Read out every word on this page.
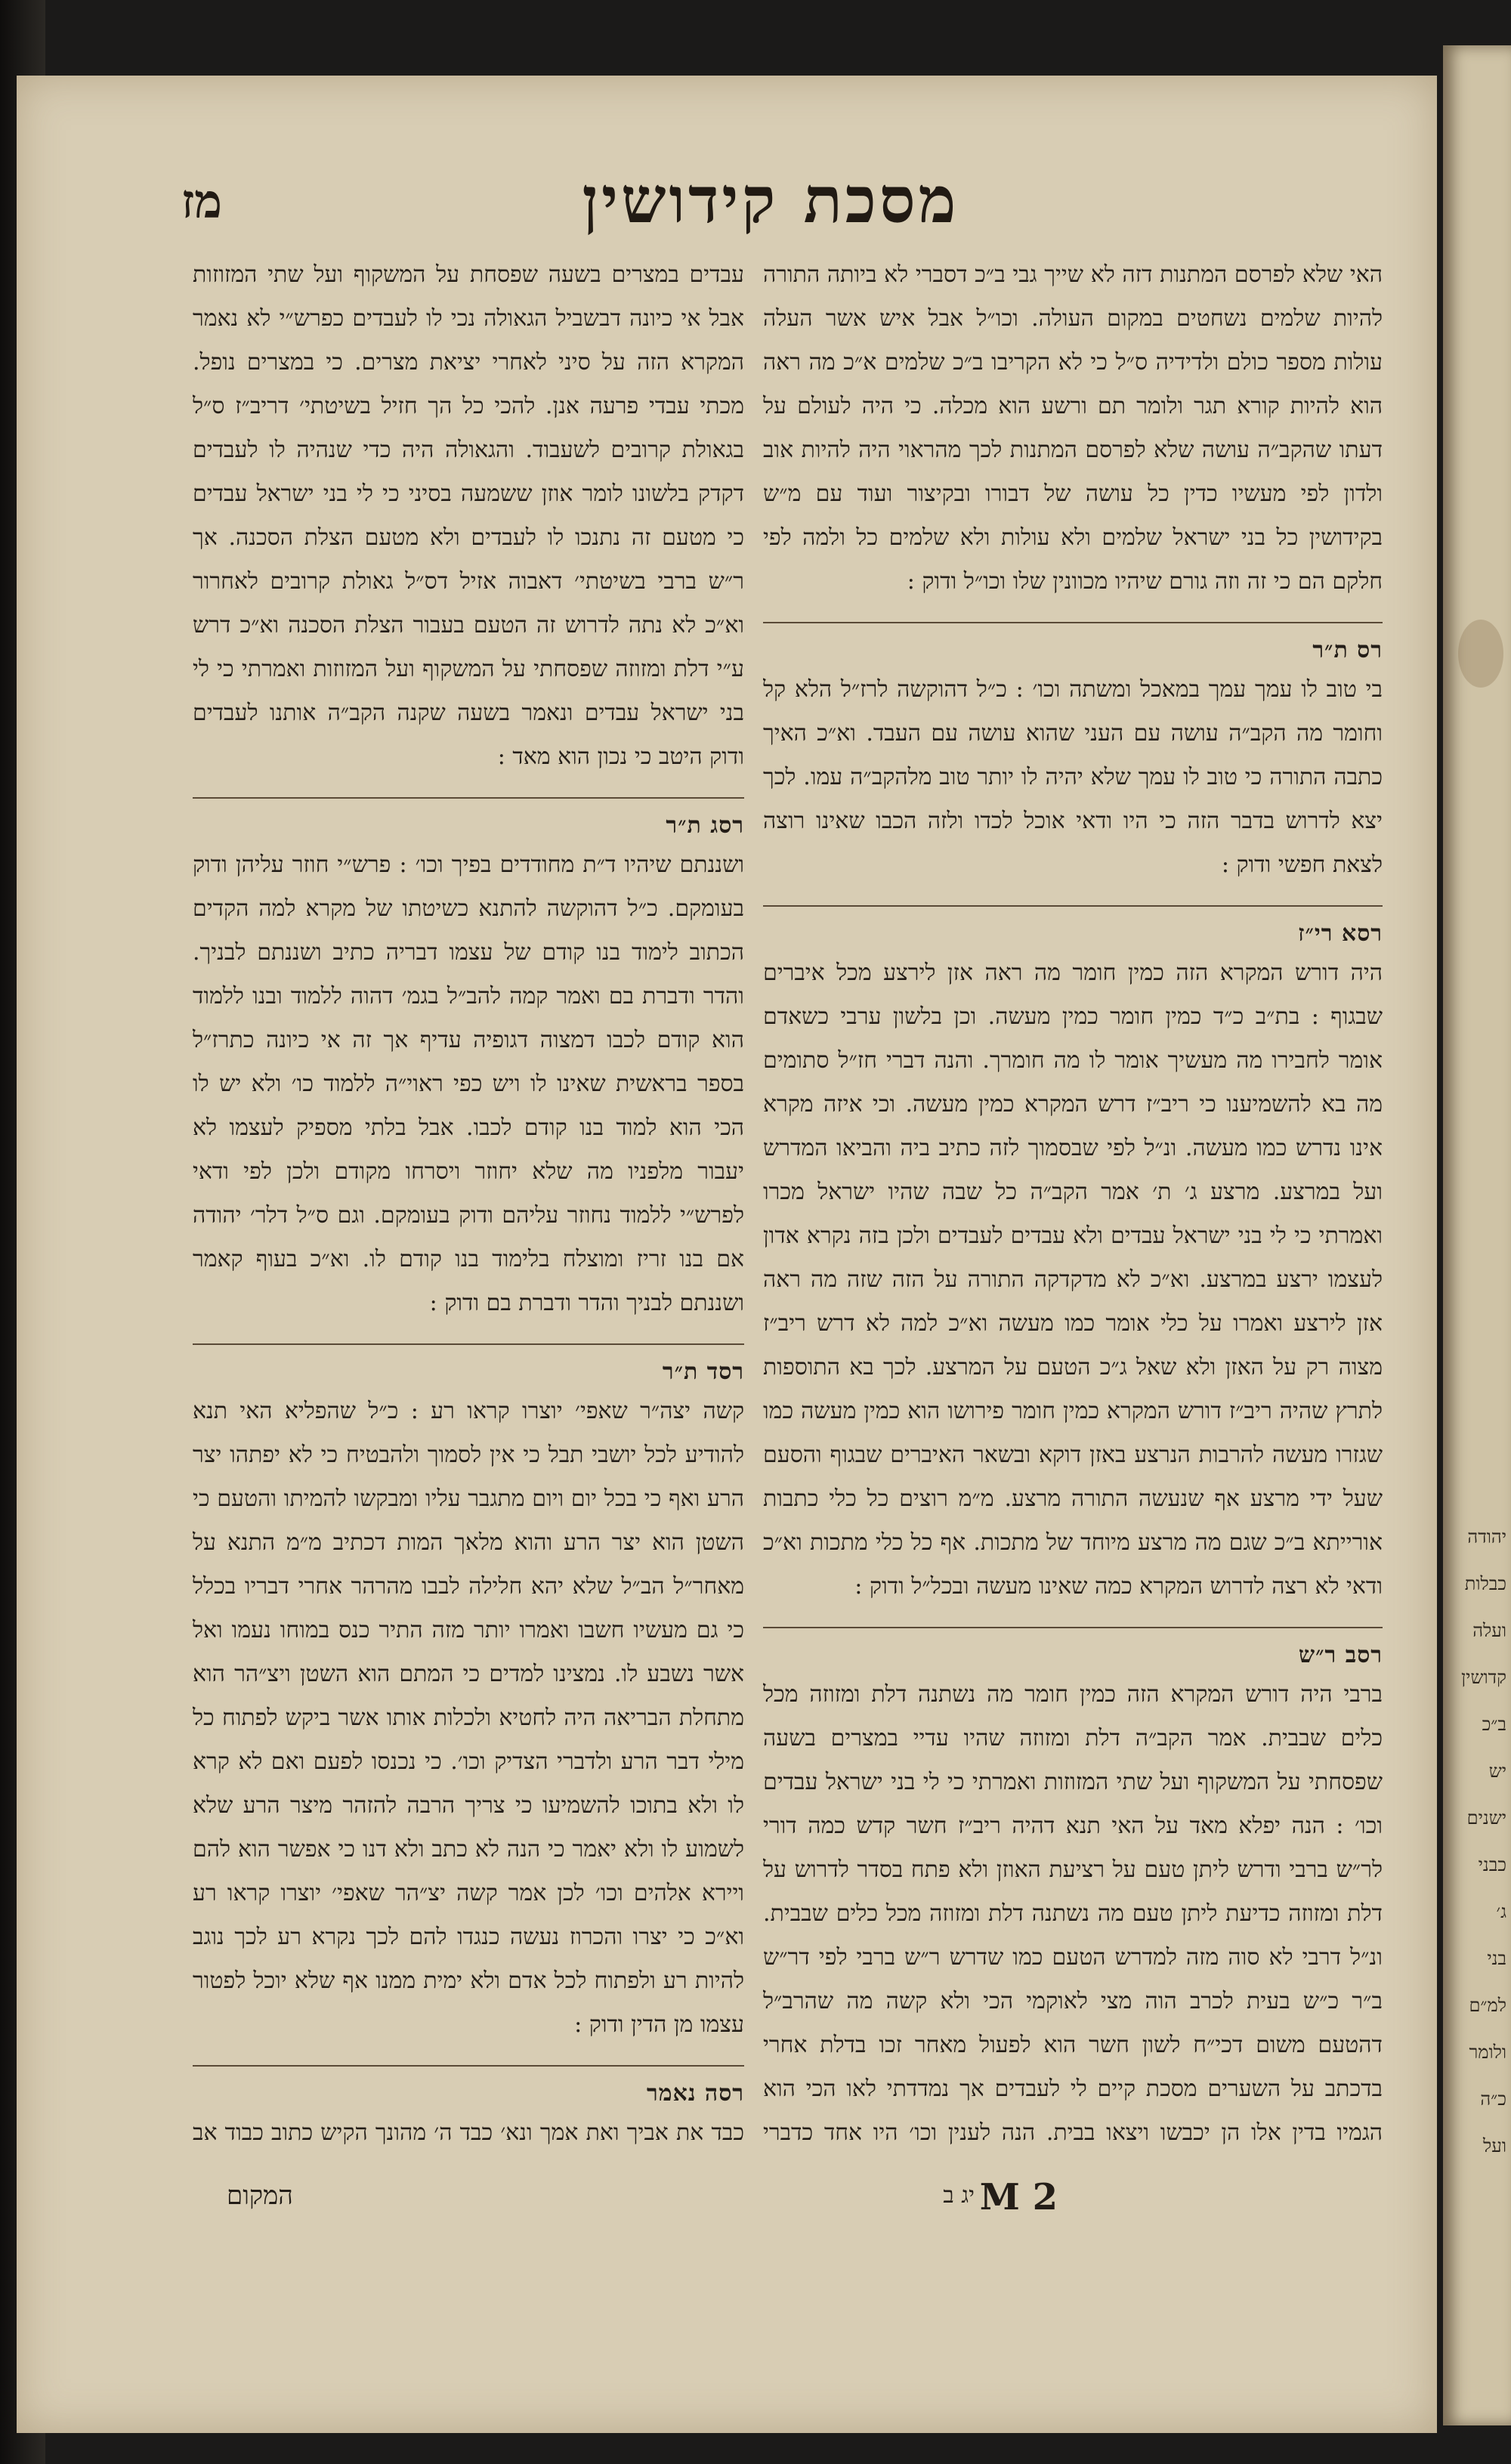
יהודה
כבלות
ועלה
קדושין
ב״כ
יש
ישנים
כבני
ג׳
בני
למ״ם
ולומר
כ״ה
ועל
מסכת קידושין
מז
האי שלא לפרסם המתנות דזה לא שייך גבי ב״כ דסברי לא ביותה התורה להיות שלמים נשחטים במקום העולה. וכו״ל אבל איש אשר העלה עולות מספר כולם ולדידיה ס״ל כי לא הקריבו ב״כ שלמים א״כ מה ראה הוא להיות קורא תגר ולומר תם ורשע הוא מכלה. כי היה לעולם על דעתו שהקב״ה עושה שלא לפרסם המתנות לכך מהראוי היה להיות אוב ולדון לפי מעשיו כדין כל עושה של דבורו ובקיצור ועוד עם מ״ש בקידושין כל בני ישראל שלמים ולא עולות ולא שלמים כל ולמה לפי חלקם הם כי זה וזה גורם שיהיו מכוונין שלו וכו״ל ודוק :
רס ת״ר
בי טוב לו עמך עמך במאכל ומשתה וכו׳ : כ״ל דהוקשה לרז״ל הלא קל וחומר מה הקב״ה עושה עם העני שהוא עושה עם העבד. וא״כ האיך כתבה התורה כי טוב לו עמך שלא יהיה לו יותר טוב מלהקב״ה עמו. לכך יצא לדרוש בדבר הזה כי היו ודאי אוכל לכדו ולזה הכבו שאינו רוצה לצאת חפשי ודוק :
רסא רי״ז
היה דורש המקרא הזה כמין חומר מה ראה אזן לירצע מכל איברים שבגוף : בת״ב כ״ד כמין חומר כמין מעשה. וכן בלשון ערבי כשאדם אומר לחבירו מה מעשיך אומר לו מה חומרך. והנה דברי חז״ל סתומים מה בא להשמיענו כי ריב״ז דרש המקרא כמין מעשה. וכי איזה מקרא אינו נדרש כמו מעשה. ונ״ל לפי שבסמוך לזה כתיב ביה והביאו המדרש ועל במרצע. מרצע ג׳ ת׳ אמר הקב״ה כל שבה שהיו ישראל מכרו ואמרתי כי לי בני ישראל עבדים ולא עבדים לעבדים ולכן בזה נקרא אדון לעצמו ירצע במרצע. וא״כ לא מדקדקה התורה על הזה שזה מה ראה אזן לירצע ואמרו על כלי אומר כמו מעשה וא״כ למה לא דרש ריב״ז מצוה רק על האזן ולא שאל ג״כ הטעם על המרצע. לכך בא התוספות לתרץ שהיה ריב״ז דורש המקרא כמין חומר פירושו הוא כמין מעשה כמו שגזרו מעשה להרבות הנרצע באזן דוקא ובשאר האיברים שבגוף והסעם שעל ידי מרצע אף שנעשה התורה מרצע. מ״מ רוצים כל כלי כתבות אורייתא ב״כ שגם מה מרצע מיוחד של מתכות. אף כל כלי מתכות וא״כ ודאי לא רצה לדרוש המקרא כמה שאינו מעשה ובכל״ל ודוק :
רסב ר״ש
ברבי היה דורש המקרא הזה כמין חומר מה נשתנה דלת ומזוזה מכל כלים שבבית. אמר הקב״ה דלת ומזוזה שהיו עדיי במצרים בשעה שפסחתי על המשקוף ועל שתי המזוזות ואמרתי כי לי בני ישראל עבדים וכו׳ : הנה יפלא מאד על האי תנא דהיה ריב״ז חשר קדש כמה דורי לר״ש ברבי ודרש ליתן טעם על רציעת האוזן ולא פתח בסדר לדרוש על דלת ומזוזה כדיעת ליתן טעם מה נשתנה דלת ומזוזה מכל כלים שבבית. ונ״ל דרבי לא סוה מזה למדרש הטעם כמו שדרש ר״ש ברבי לפי דר״ש ב״ר כ״ש בעית לכרב הוה מצי לאוקמי הכי ולא קשה מה שהרב״ל דהטעם משום דכי״ח לשון חשר הוא לפעול מאחר זכו בדלת אחרי בדכתב על השערים מסכת קיים לי לעבדים אך נמדדתי לאו הכי הוא הגמיו בדין אלו הן יכבשו ויצאו בבית. הנה לענין וכו׳ היו אחד כדברי
עבדים במצרים בשעה שפסחת על המשקוף ועל שתי המזוזות אבל אי כיונה דבשביל הגאולה נכי לו לעבדים כפרש״י לא נאמר המקרא הזה על סיני לאחרי יציאת מצרים. כי במצרים נופל. מכתי עבדי פרעה אנן. להכי כל הך חזיל בשיטתי׳ דריב״ז ס״ל בגאולת קרובים לשעבוד. והגאולה היה כדי שנהיה לו לעבדים דקדק בלשונו לומר אוזן ששמעה בסיני כי לי בני ישראל עבדים כי מטעם זה נתנכו לו לעבדים ולא מטעם הצלת הסכנה. אך ר״ש ברבי בשיטתי׳ דאבוה אזיל דס״ל גאולת קרובים לאחרור וא״כ לא נתה לדרוש זה הטעם בעבור הצלת הסכנה וא״כ דרש ע״י דלת ומזוזה שפסחתי על המשקוף ועל המזוזות ואמרתי כי לי בני ישראל עבדים ונאמר בשעה שקנה הקב״ה אותנו לעבדים ודוק היטב כי נכון הוא מאד :
רסג ת״ר
ושננתם שיהיו ד״ת מחודדים בפיך וכו׳ : פרש״י חוזר עליהן ודוק בעומקם. כ״ל דהוקשה להתנא כשיטתו של מקרא למה הקדים הכתוב לימוד בנו קודם של עצמו דבריה כתיב ושננתם לבניך. והדר ודברת בם ואמר קמה להב״ל בגמ׳ דהוה ללמוד ובנו ללמוד הוא קודם לכבו דמצוה דגופיה עדיף אך זה אי כיונה כתרז״ל בספר בראשית שאינו לו ויש כפי ראוי״ה ללמוד כו׳ ולא יש לו הכי הוא למוד בנו קודם לכבו. אבל בלתי מספיק לעצמו לא יעבור מלפניו מה שלא יחוזר ויסרחו מקודם ולכן לפי ודאי לפרש״י ללמוד נחוזר עליהם ודוק בעומקם. וגם ס״ל דלר׳ יהודה אם בנו זריז ומוצלח בלימוד בנו קודם לו. וא״כ בעוף קאמר ושננתם לבניך והדר ודברת בם ודוק :
רסד ת״ר
קשה יצה״ר שאפי׳ יוצרו קראו רע : כ״ל שהפליא האי תנא להודיע לכל יושבי תבל כי אין לסמוך ולהבטיח כי לא יפתהו יצר הרע ואף כי בכל יום ויום מתגבר עליו ומבקשו להמיתו והטעם כי השטן הוא יצר הרע והוא מלאך המות דכתיב מ״מ התנא על מאחר״ל הב״ל שלא יהא חלילה לבבו מהרהר אחרי דבריו בכלל כי גם מעשיו חשבו ואמרו יותר מזה התיר כנס במוחו נעמו ואל אשר נשבע לו. נמצינו למדים כי המתם הוא השטן ויצ״הר הוא מתחלת הבריאה היה לחטיא ולכלות אותו אשר ביקש לפתוח כל מילי דבר הרע ולדברי הצדיק וכו׳. כי נכנסו לפעם ואם לא קרא לו ולא בתוכו להשמיעו כי צריך הרבה להזהר מיצר הרע שלא לשמוע לו ולא יאמר כי הנה לא כתב ולא דנו כי אפשר הוא להם ויירא אלהים וכו׳ לכן אמר קשה יצ״הר שאפי׳ יוצרו קראו רע וא״כ כי יצרו והכרוז נעשה כנגדו להם לכך נקרא רע לכך נוגב להיות רע ולפתוח לכל אדם ולא ימית ממנו אף שלא יוכל לפטור עצמו מן הדין ודוק :
רסה נאמר
כבד את אביך ואת אמך ונא׳ כבד ה׳ מהונך הקיש כתוב כבוד אב
M 2
יג ב
המקום
